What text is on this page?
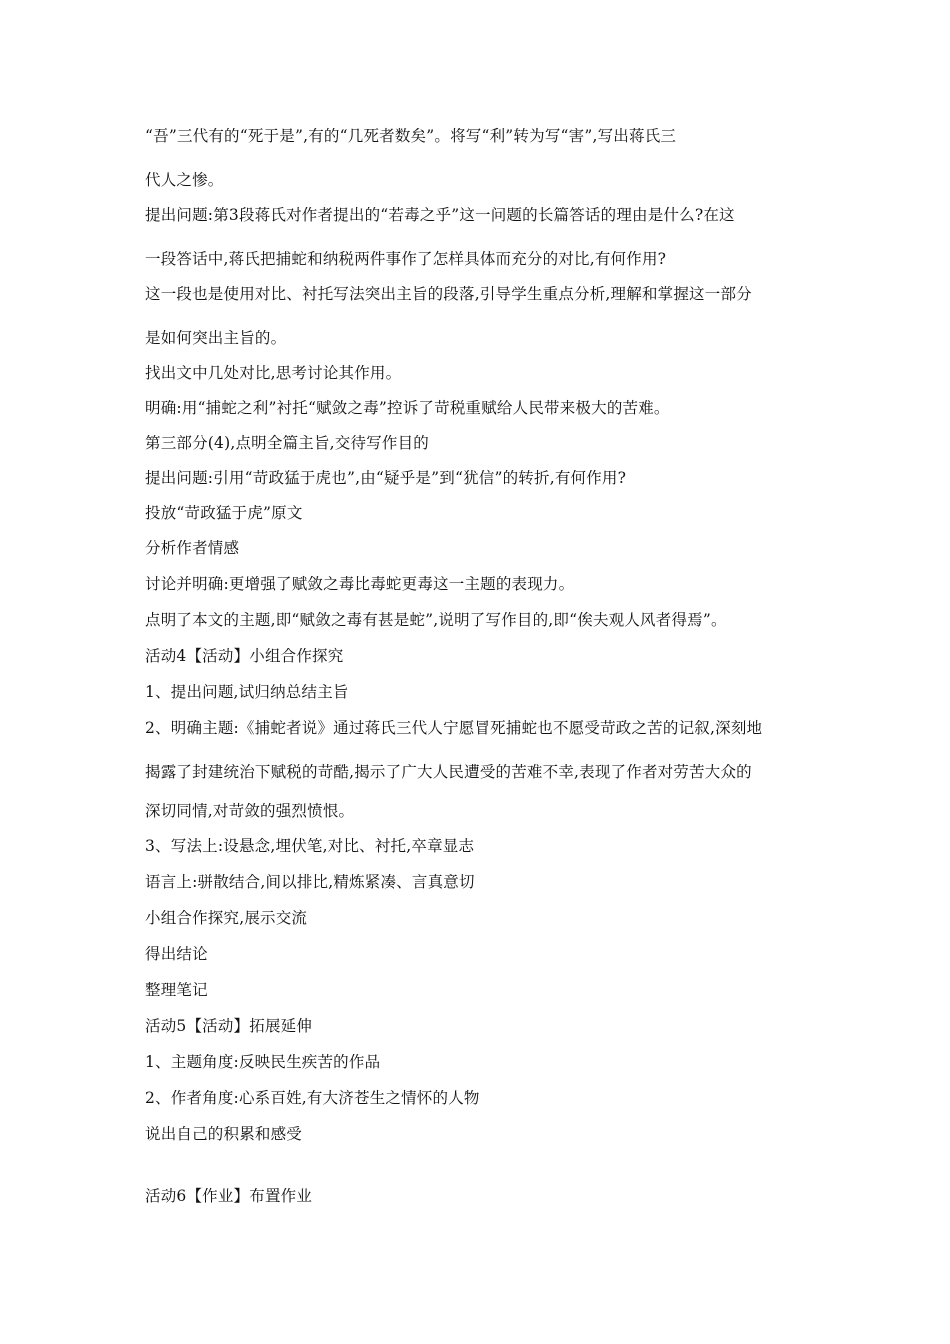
“吾”三代有的“死于是”,有的“几死者数矣”。将写“利”转为写“害”,写出蒋氏三
代人之惨。
提出问题:第3段蒋氏对作者提出的“若毒之乎”这一问题的长篇答话的理由是什么?在这
一段答话中,蒋氏把捕蛇和纳税两件事作了怎样具体而充分的对比,有何作用?
这一段也是使用对比、衬托写法突出主旨的段落,引导学生重点分析,理解和掌握这一部分
是如何突出主旨的。
找出文中几处对比,思考讨论其作用。
明确:用“捕蛇之利”衬托“赋敛之毒”控诉了苛税重赋给人民带来极大的苦难。
第三部分(4),点明全篇主旨,交待写作目的
提出问题:引用“苛政猛于虎也”,由“疑乎是”到“犹信”的转折,有何作用?
投放“苛政猛于虎”原文
分析作者情感
讨论并明确:更增强了赋敛之毒比毒蛇更毒这一主题的表现力。
点明了本文的主题,即“赋敛之毒有甚是蛇”,说明了写作目的,即“俟夫观人风者得焉”。
活动4【活动】小组合作探究
1、提出问题,试归纳总结主旨
2、明确主题:《捕蛇者说》通过蒋氏三代人宁愿冒死捕蛇也不愿受苛政之苦的记叙,深刻地
揭露了封建统治下赋税的苛酷,揭示了广大人民遭受的苦难不幸,表现了作者对劳苦大众的
深切同情,对苛敛的强烈愤恨。
3、写法上:设悬念,埋伏笔,对比、衬托,卒章显志
语言上:骈散结合,间以排比,精炼紧凑、言真意切
小组合作探究,展示交流
得出结论
整理笔记
活动5【活动】拓展延伸
1、主题角度:反映民生疾苦的作品
2、作者角度:心系百姓,有大济苍生之情怀的人物
说出自己的积累和感受
活动6【作业】布置作业
